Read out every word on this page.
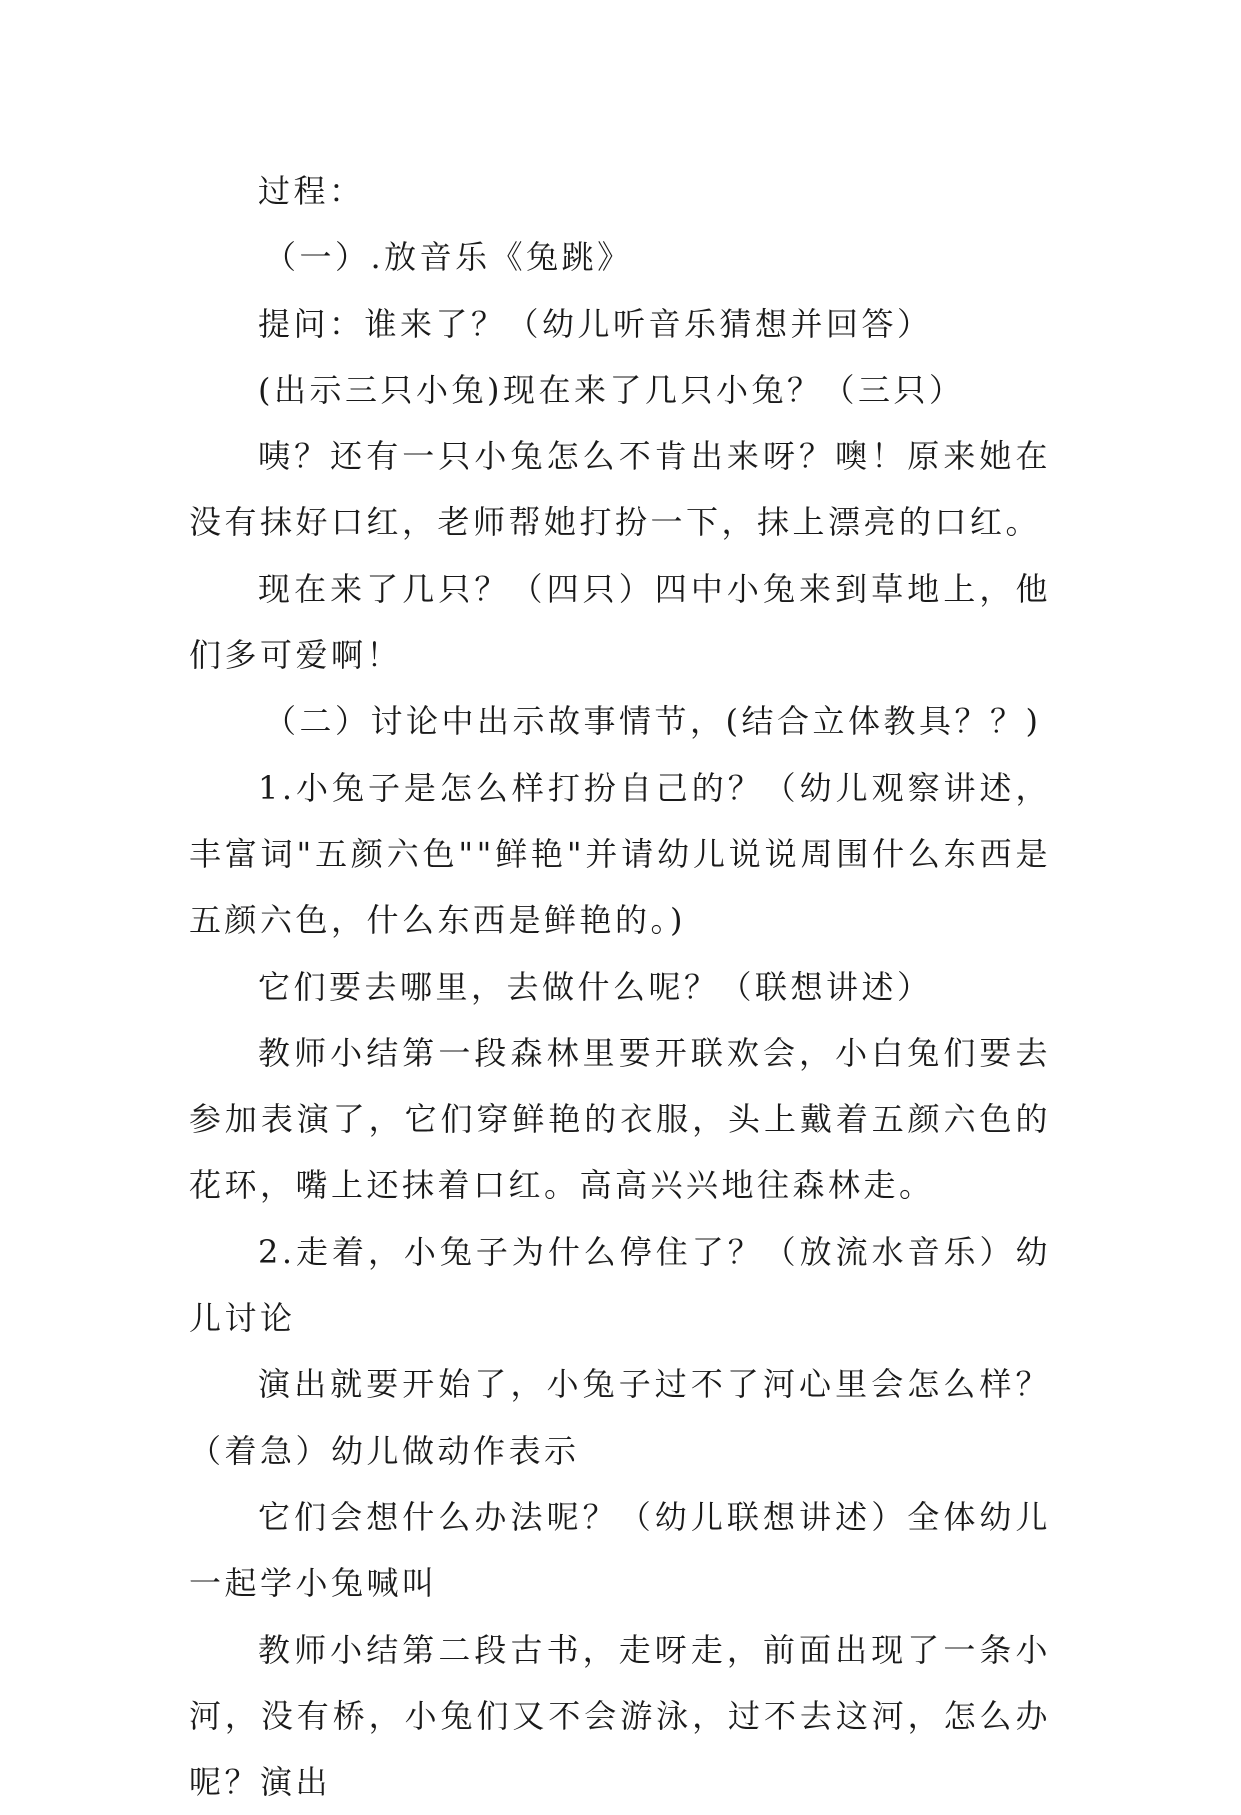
过程：

（一）.放音乐《兔跳》

提问：谁来了？（幼儿听音乐猜想并回答）

(出示三只小兔)现在来了几只小兔？（三只）

咦？还有一只小兔怎么不肯出来呀？噢！原来她在没有抹好口红，老师帮她打扮一下，抹上漂亮的口红。

现在来了几只？（四只）四中小兔来到草地上，他们多可爱啊！

（二）讨论中出示故事情节，(结合立体教具？？)

1.小兔子是怎么样打扮自己的？（幼儿观察讲述，丰富词"五颜六色""鲜艳"并请幼儿说说周围什么东西是五颜六色，什么东西是鲜艳的。)

它们要去哪里，去做什么呢？（联想讲述）

教师小结第一段森林里要开联欢会，小白兔们要去参加表演了，它们穿鲜艳的衣服，头上戴着五颜六色的花环，嘴上还抹着口红。高高兴兴地往森林走。

2.走着，小兔子为什么停住了？（放流水音乐）幼儿讨论

演出就要开始了，小兔子过不了河心里会怎么样？（着急）幼儿做动作表示

它们会想什么办法呢？（幼儿联想讲述）全体幼儿一起学小兔喊叫

教师小结第二段古书，走呀走，前面出现了一条小河，没有桥，小兔们又不会游泳，过不去这河，怎么办呢？演出
